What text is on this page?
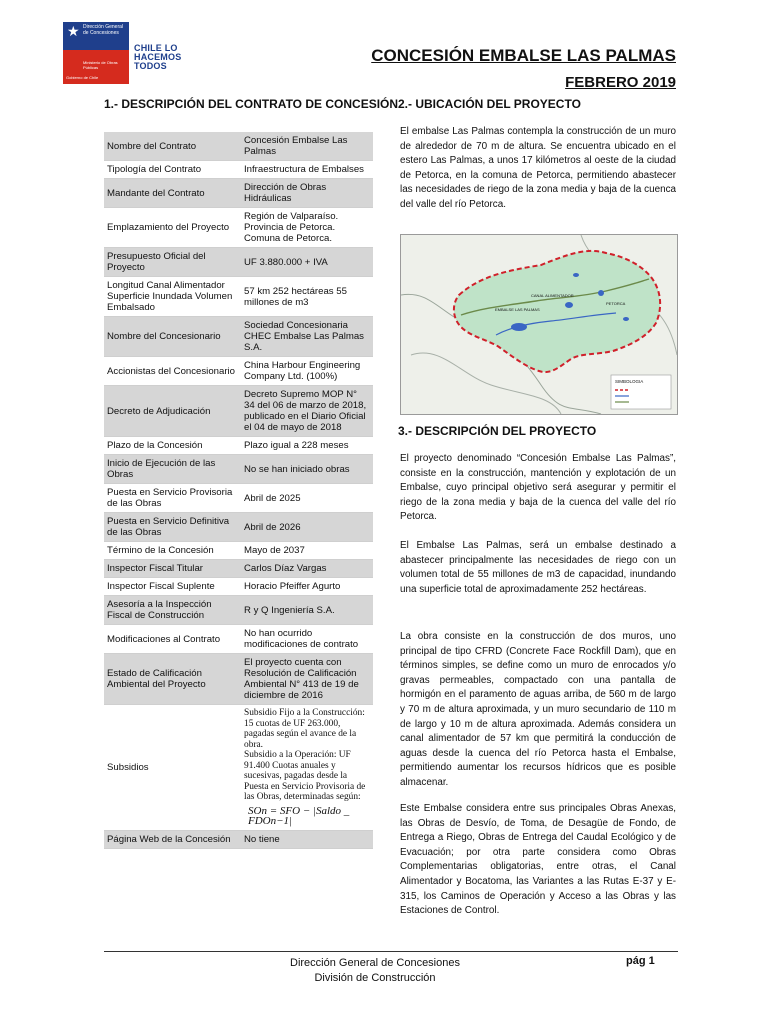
★ Dirección General de Concesiones
Ministerio de Obras Públicas
Gobierno de Chile
CHILE LO
HACEMOS
TODOS
CONCESIÓN EMBALSE LAS PALMAS
FEBRERO 2019
1.- DESCRIPCIÓN DEL CONTRATO DE CONCESIÓN 2.- UBICACIÓN DEL PROYECTO
3.- DESCRIPCIÓN DEL PROYECTO
Nombre del Contrato	Concesión Embalse Las Palmas
Tipología del Contrato	Infraestructura de Embalses
Mandante del Contrato	Dirección de Obras Hidráulicas
Emplazamiento del Proyecto	Región de Valparaíso. Provincia de Petorca. Comuna de Petorca.
Presupuesto Oficial del Proyecto	UF 3.880.000 + IVA
Longitud Canal Alimentador Superficie Inundada Volumen Embalsado	57 km 252 hectáreas 55 millones de m3
Nombre del Concesionario	Sociedad Concesionaria CHEC Embalse Las Palmas S.A.
Accionistas del Concesionario	China Harbour Engineering Company Ltd. (100%)
Decreto de Adjudicación	Decreto Supremo MOP N° 34 del 06 de marzo de 2018, publicado en el Diario Oficial el 04 de mayo de 2018
Plazo de la Concesión	Plazo igual a 228 meses
Inicio de Ejecución de las Obras	No se han iniciado obras
Puesta en Servicio Provisoria de las Obras	Abril de 2025
Puesta en Servicio Definitiva de las Obras	Abril de 2026
Término de la Concesión	Mayo de 2037
Inspector Fiscal Titular	Carlos Díaz Vargas
Inspector Fiscal Suplente	Horacio Pfeiffer Agurto
Asesoría a la Inspección Fiscal de Construcción	R y Q Ingeniería S.A.
Modificaciones al Contrato	No han ocurrido modificaciones de contrato
Estado de Calificación Ambiental del Proyecto	El proyecto cuenta con Resolución de Calificación Ambiental N° 413 de 19 de diciembre de 2016
Subsidios	Subsidio Fijo a la Construcción: 15 cuotas de UF 263.000, pagadas según el avance de la obra.
Subsidio a la Operación: UF 91.400 Cuotas anuales y sucesivas, pagadas desde la Puesta en Servicio Provisoria de las Obras, determinadas según:
SOn = SFO − |Saldo _ FDOn−1|

Página Web de la Concesión	No tiene
El embalse Las Palmas contempla la construcción de un muro de alrededor de 70 m de altura. Se encuentra ubicado en el estero Las Palmas, a unos 17 kilómetros al oeste de la ciudad de Petorca, en la comuna de Petorca, permitiendo abastecer las necesidades de riego de la zona media y baja de la cuenca del valle del río Petorca.
EMBALSE LAS PALMAS
CANAL ALIMENTADOR
PETORCA
SIMBOLOGIA
El proyecto denominado “Concesión Embalse Las Palmas”, consiste en la construcción, mantención y explotación de un Embalse, cuyo principal objetivo será asegurar y permitir el riego de la zona media y baja de la cuenca del valle del río Petorca.
El Embalse Las Palmas, será un embalse destinado a abastecer principalmente las necesidades de riego con un volumen total de 55 millones de m3 de capacidad, inundando una superficie total de aproximadamente 252 hectáreas.
La obra consiste en la construcción de dos muros, uno principal de tipo CFRD (Concrete Face Rockfill Dam), que en términos simples, se define como un muro de enrocados y/o gravas permeables, compactado con una pantalla de hormigón en el paramento de aguas arriba, de 560 m de largo y 70 m de altura aproximada, y un muro secundario de 110 m de largo y 10 m de altura aproximada. Además considera un canal alimentador de 57 km que permitirá la conducción de aguas desde la cuenca del río Petorca hasta el Embalse, permitiendo aumentar los recursos hídricos que es posible almacenar.
Este Embalse considera entre sus principales Obras Anexas, las Obras de Desvío, de Toma, de Desagüe de Fondo, de Entrega a Riego, Obras de Entrega del Caudal Ecológico y de Evacuación; por otra parte considera como Obras Complementarias obligatorias, entre otras, el Canal Alimentador y Bocatoma, las Variantes a las Rutas E-37 y E-315, los Caminos de Operación y Acceso a las Obras y las Estaciones de Control.
Dirección General de Concesiones
División de Construcción
pág 1
